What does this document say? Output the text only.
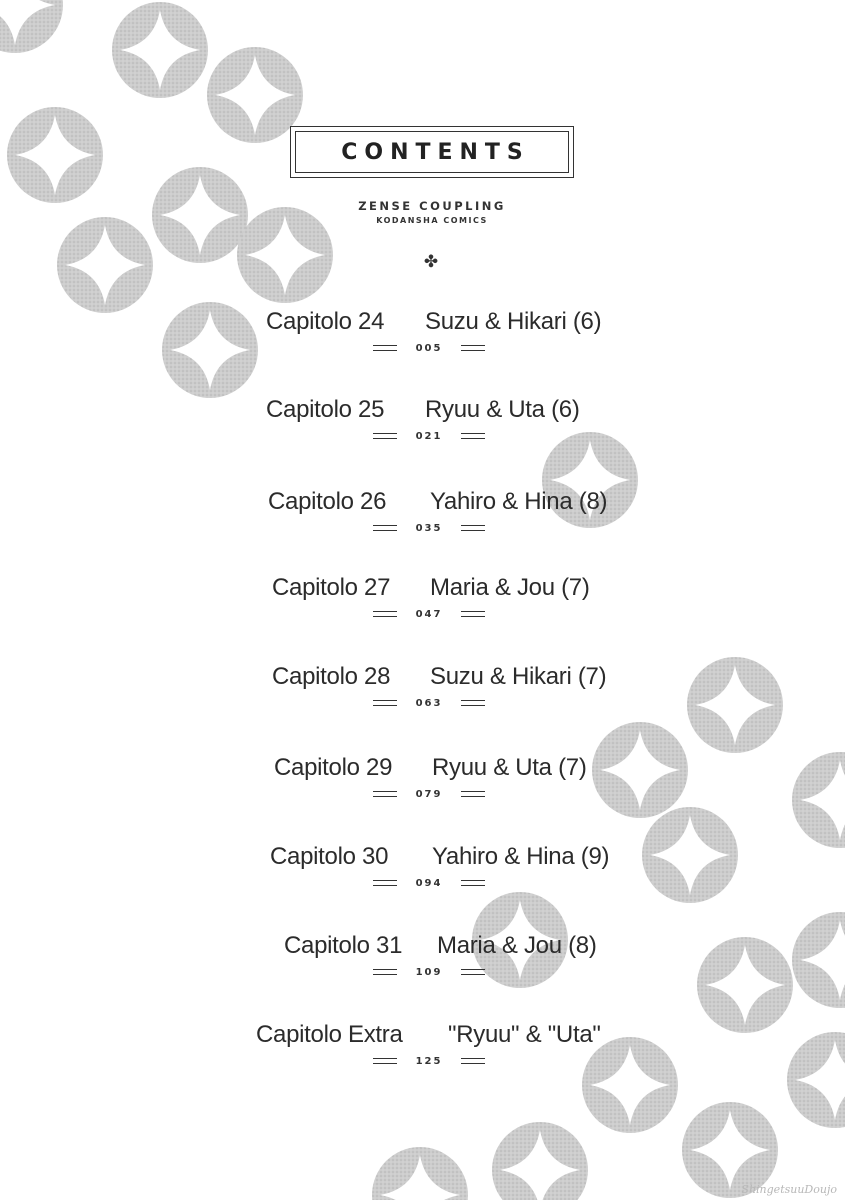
CONTENTS
ZENSE COUPLING
KODANSHA COMICS
✤
Capitolo 24 Suzu & Hikari (6)
005
Capitolo 25 Ryuu & Uta (6)
021
Capitolo 26 Yahiro & Hina (8)
035
Capitolo 27 Maria & Jou (7)
047
Capitolo 28 Suzu & Hikari (7)
063
Capitolo 29 Ryuu & Uta (7)
079
Capitolo 30 Yahiro & Hina (9)
094
Capitolo 31 Maria & Jou (8)
109
Capitolo Extra "Ryuu" & "Uta"
125
ShingetsuuDoujo
